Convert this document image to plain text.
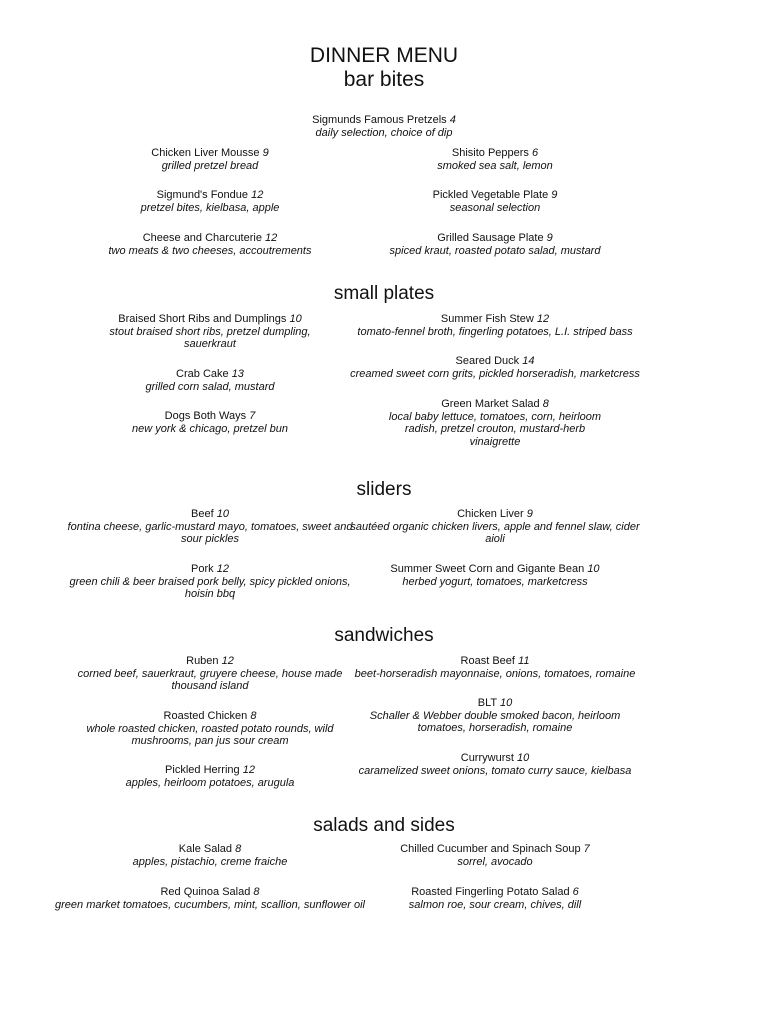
DINNER MENU
bar bites
Sigmunds Famous Pretzels 4
daily selection, choice of dip
Chicken Liver Mousse 9
grilled pretzel bread
Shisito Peppers 6
smoked sea salt, lemon
Sigmund's Fondue 12
pretzel bites, kielbasa, apple
Pickled Vegetable Plate 9
seasonal selection
Cheese and Charcuterie 12
two meats & two cheeses, accoutrements
Grilled Sausage Plate 9
spiced kraut, roasted potato salad, mustard
small plates
Braised Short Ribs and Dumplings 10
stout braised short ribs, pretzel dumpling, sauerkraut
Summer Fish Stew 12
tomato-fennel broth, fingerling potatoes, L.I. striped bass
Seared Duck 14
creamed sweet corn grits, pickled horseradish, marketcress
Crab Cake 13
grilled corn salad, mustard
Green Market Salad 8
local baby lettuce, tomatoes, corn, heirloom radish, pretzel crouton, mustard-herb vinaigrette
Dogs Both Ways 7
new york & chicago, pretzel bun
sliders
Beef 10
fontina cheese, garlic-mustard mayo, tomatoes, sweet and sour pickles
Chicken Liver 9
sautéed organic chicken livers, apple and fennel slaw, cider aioli
Pork 12
green chili & beer braised pork belly, spicy pickled onions, hoisin bbq
Summer Sweet Corn and Gigante Bean 10
herbed yogurt, tomatoes, marketcress
sandwiches
Ruben 12
corned beef, sauerkraut, gruyere cheese, house made thousand island
Roast Beef 11
beet-horseradish mayonnaise, onions, tomatoes, romaine
BLT 10
Schaller & Webber double smoked bacon, heirloom tomatoes, horseradish, romaine
Roasted Chicken 8
whole roasted chicken, roasted potato rounds, wild mushrooms, pan jus sour cream
Currywurst 10
caramelized sweet onions, tomato curry sauce, kielbasa
Pickled Herring 12
apples, heirloom potatoes, arugula
salads and sides
Kale Salad 8
apples, pistachio, creme fraiche
Chilled Cucumber and Spinach Soup 7
sorrel, avocado
Red Quinoa Salad 8
green market tomatoes, cucumbers, mint, scallion, sunflower oil
Roasted Fingerling Potato Salad 6
salmon roe, sour cream, chives, dill
